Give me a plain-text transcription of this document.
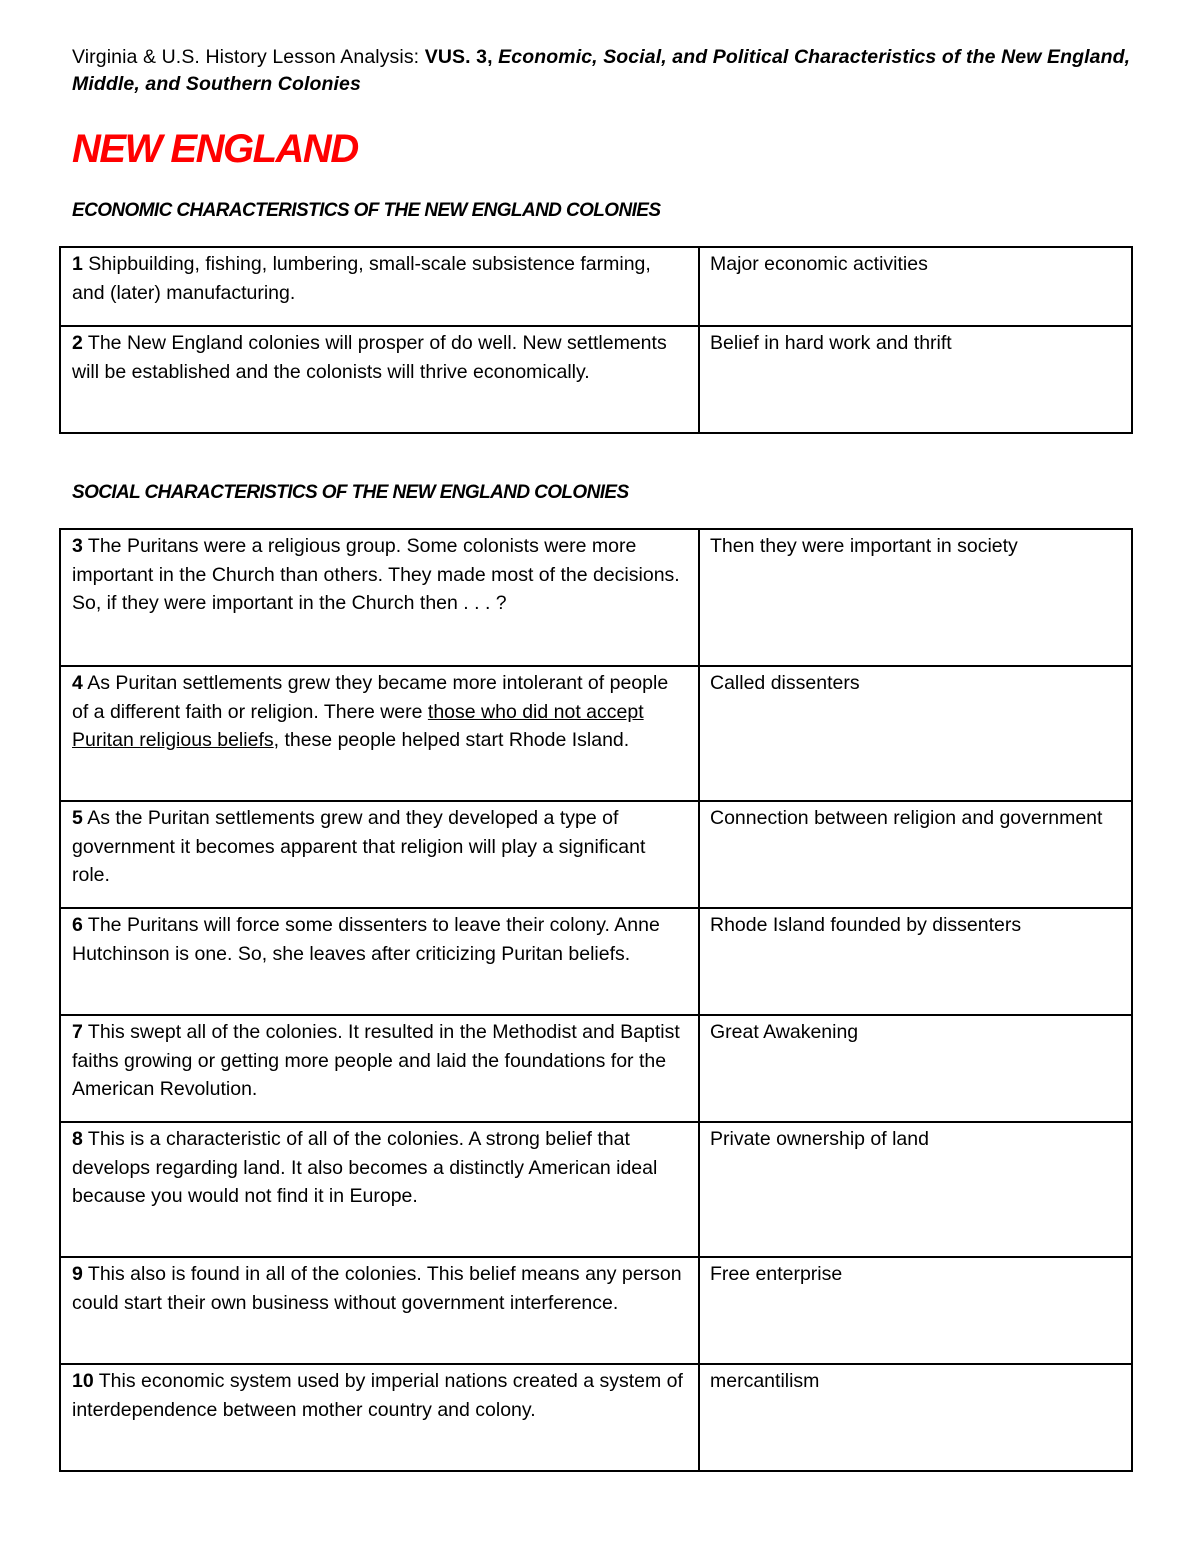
Virginia & U.S. History Lesson Analysis: VUS. 3, Economic, Social, and Political Characteristics of the New England, Middle, and Southern Colonies
NEW ENGLAND
ECONOMIC CHARACTERISTICS OF THE NEW ENGLAND COLONIES
1 Shipbuilding, fishing, lumbering, small-scale subsistence farming, and (later) manufacturing.	Major economic activities
2 The New England colonies will prosper of do well. New settlements will be established and the colonists will thrive economically.	Belief in hard work and thrift
SOCIAL CHARACTERISTICS OF THE NEW ENGLAND COLONIES
3 The Puritans were a religious group. Some colonists were more important in the Church than others. They made most of the decisions. So, if they were important in the Church then . . . ?	Then they were important in society
4 As Puritan settlements grew they became more intolerant of people of a different faith or religion. There were those who did not accept Puritan religious beliefs, these people helped start Rhode Island.	Called dissenters
5 As the Puritan settlements grew and they developed a type of government it becomes apparent that religion will play a significant role.	Connection between religion and government
6 The Puritans will force some dissenters to leave their colony. Anne Hutchinson is one. So, she leaves after criticizing Puritan beliefs.	Rhode Island founded by dissenters
7 This swept all of the colonies. It resulted in the Methodist and Baptist faiths growing or getting more people and laid the foundations for the American Revolution.	Great Awakening
8 This is a characteristic of all of the colonies. A strong belief that develops regarding land. It also becomes a distinctly American ideal because you would not find it in Europe.	Private ownership of land
9 This also is found in all of the colonies. This belief means any person could start their own business without government interference.	Free enterprise
10 This economic system used by imperial nations created a system of interdependence between mother country and colony.	mercantilism
